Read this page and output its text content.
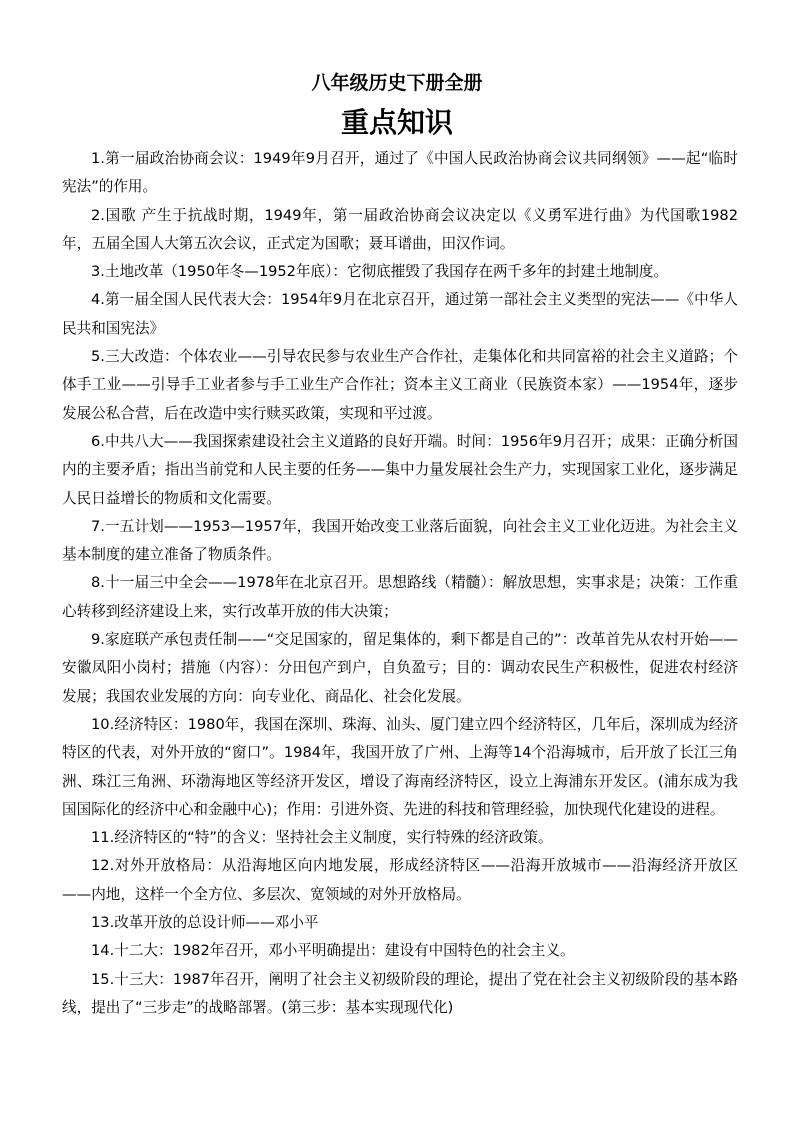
八年级历史下册全册
重点知识

1.第一届政治协商会议：1949年9月召开，通过了《中国人民政治协商会议共同纲领》——起“临时宪法”的作用。

2.国歌 产生于抗战时期，1949年，第一届政治协商会议决定以《义勇军进行曲》为代国歌1982年，五届全国人大第五次会议，正式定为国歌；聂耳谱曲，田汉作词。

3.土地改革（1950年冬—1952年底）：它彻底摧毁了我国存在两千多年的封建土地制度。

4.第一届全国人民代表大会：1954年9月在北京召开，通过第一部社会主义类型的宪法——《中华人民共和国宪法》

5.三大改造：个体农业——引导农民参与农业生产合作社，走集体化和共同富裕的社会主义道路；个体手工业——引导手工业者参与手工业生产合作社；资本主义工商业（民族资本家）——1954年，逐步发展公私合营，后在改造中实行赎买政策，实现和平过渡。

6.中共八大——我国探索建设社会主义道路的良好开端。时间：1956年9月召开；成果：正确分析国内的主要矛盾；指出当前党和人民主要的任务——集中力量发展社会生产力，实现国家工业化，逐步满足人民日益增长的物质和文化需要。

7.一五计划——1953—1957年，我国开始改变工业落后面貌，向社会主义工业化迈进。为社会主义基本制度的建立准备了物质条件。

8.十一届三中全会——1978年在北京召开。思想路线（精髓）：解放思想，实事求是；决策：工作重心转移到经济建设上来，实行改革开放的伟大决策；

9.家庭联产承包责任制——“交足国家的，留足集体的，剩下都是自己的”：改革首先从农村开始—— 安徽凤阳小岗村；措施（内容）：分田包产到户，自负盈亏；目的：调动农民生产积极性，促进农村经济发展；我国农业发展的方向：向专业化、商品化、社会化发展。

10.经济特区：1980年，我国在深圳、珠海、汕头、厦门建立四个经济特区，几年后，深圳成为经济特区的代表，对外开放的“窗口”。1984年，我国开放了广州、上海等14个沿海城市，后开放了长江三角洲、珠江三角洲、环渤海地区等经济开发区，增设了海南经济特区，设立上海浦东开发区。(浦东成为我国国际化的经济中心和金融中心)；作用：引进外资、先进的科技和管理经验，加快现代化建设的进程。

11.经济特区的“特”的含义：坚持社会主义制度，实行特殊的经济政策。

12.对外开放格局：从沿海地区向内地发展，形成经济特区——沿海开放城市——沿海经济开放区——内地，这样一个全方位、多层次、宽领域的对外开放格局。

13.改革开放的总设计师——邓小平

14.十二大：1982年召开，邓小平明确提出：建设有中国特色的社会主义。

15.十三大：1987年召开，阐明了社会主义初级阶段的理论，提出了党在社会主义初级阶段的基本路线，提出了“三步走”的战略部署。(第三步：基本实现现代化)
